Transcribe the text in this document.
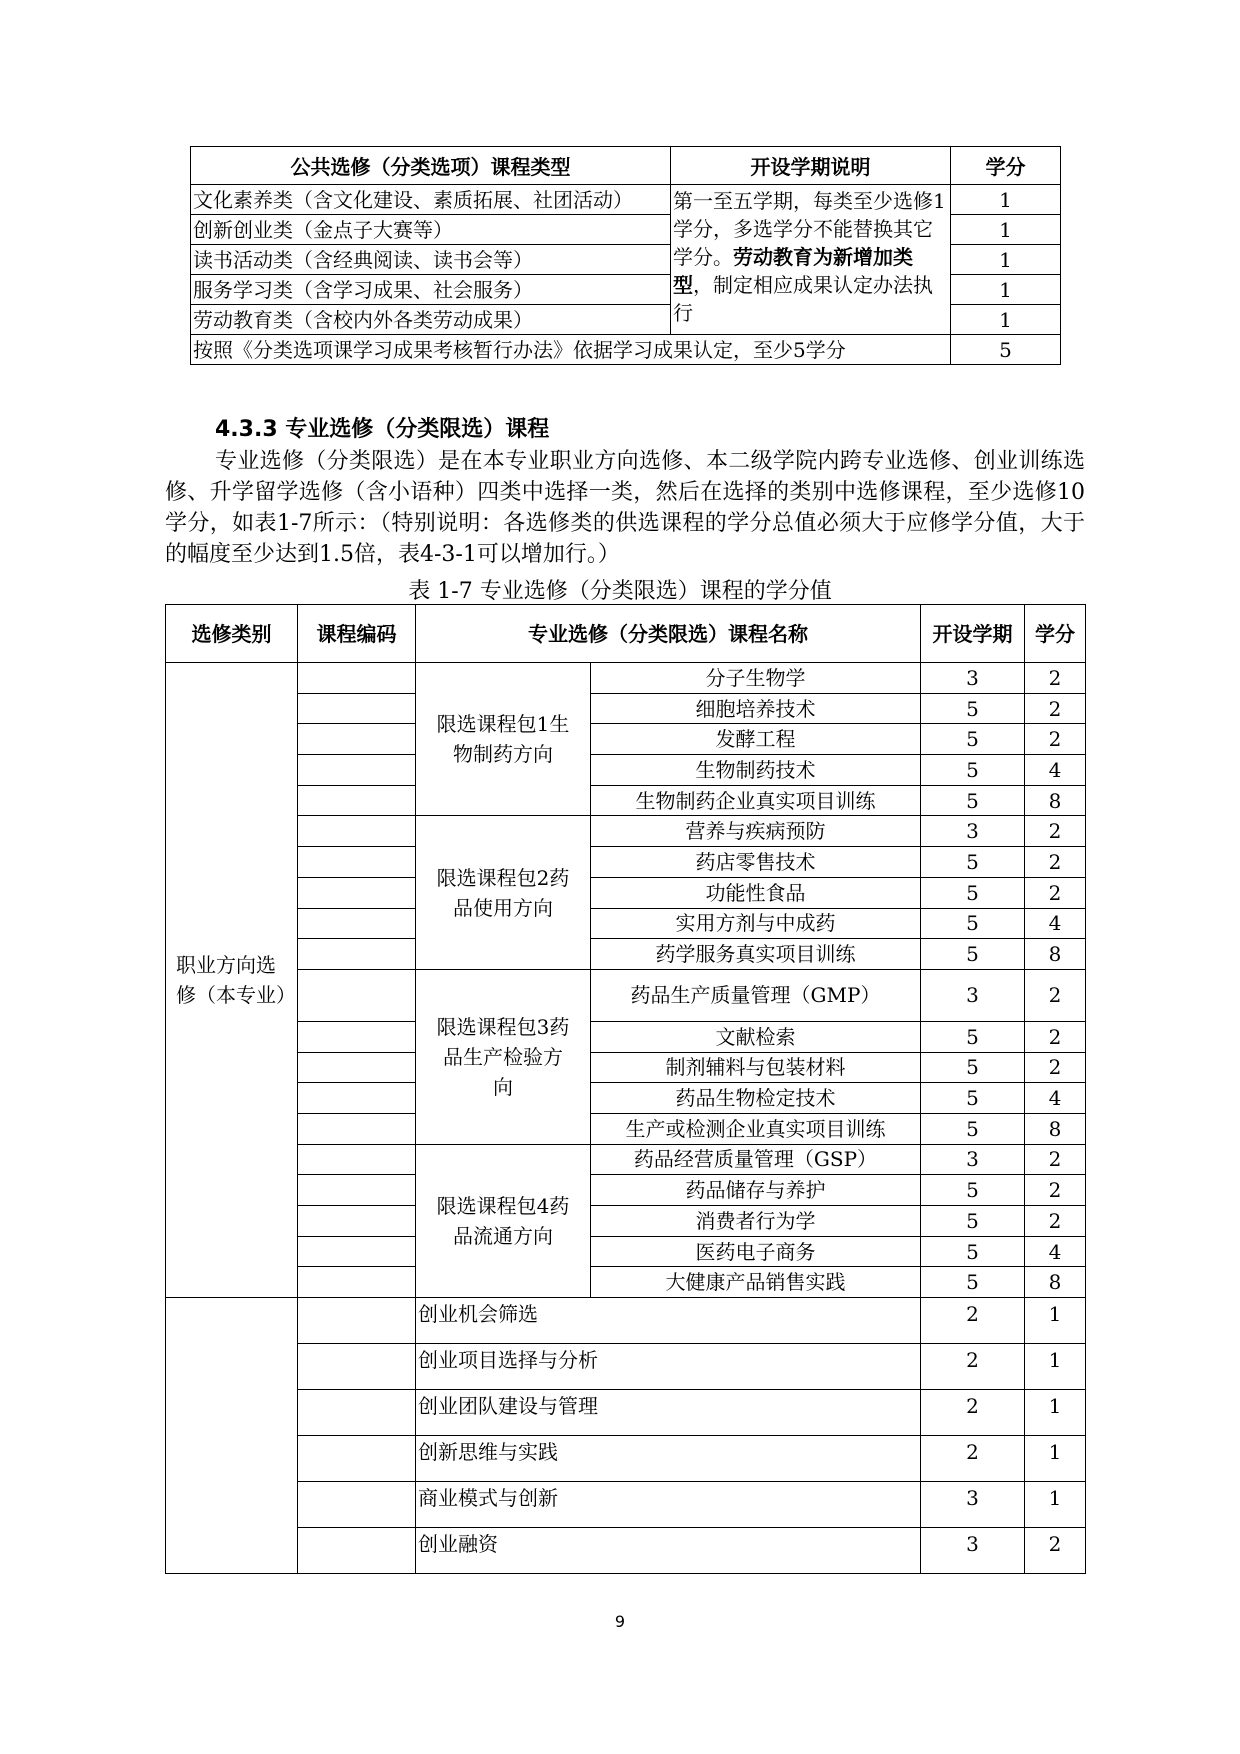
公共选修（分类选项）课程类型	开设学期说明	学分
文化素养类（含文化建设、素质拓展、社团活动）	第一至五学期，每类至少选修1学分，多选学分不能替换其它学分。劳动教育为新增加类型，制定相应成果认定办法执行	1
创新创业类（金点子大赛等）		1
读书活动类（含经典阅读、读书会等）		1
服务学习类（含学习成果、社会服务）		1
劳动教育类（含校内外各类劳动成果）		1
按照《分类选项课学习成果考核暂行办法》依据学习成果认定，至少5学分		5
4.3.3 专业选修（分类限选）课程

专业选修（分类限选）是在本专业职业方向选修、本二级学院内跨专业选修、创业训练选修、升学留学选修（含小语种）四类中选择一类，然后在选择的类别中选修课程，至少选修10学分，如表1-7所示：（特别说明：各选修类的供选课程的学分总值必须大于应修学分值，大于的幅度至少达到1.5倍，表4-3-1可以增加行。）

表 1-7 专业选修（分类限选）课程的学分值
选修类别	课程编码	专业选修（分类限选）课程名称		开设学期	学分
职业方向选修（本专业）		限选课程包1生物制药方向	分子生物学	3	2
			细胞培养技术	5	2
			发酵工程	5	2
			生物制药技术	5	4
			生物制药企业真实项目训练	5	8
		限选课程包2药品使用方向	营养与疾病预防	3	2
			药店零售技术	5	2
			功能性食品	5	2
			实用方剂与中成药	5	4
			药学服务真实项目训练	5	8
		限选课程包3药品生产检验方向	药品生产质量管理（GMP）	3	2
			文献检索	5	2
			制剂辅料与包装材料	5	2
			药品生物检定技术	5	4
			生产或检测企业真实项目训练	5	8
		限选课程包4药品流通方向	药品经营质量管理（GSP）	3	2
			药品储存与养护	5	2
			消费者行为学	5	2
			医药电子商务	5	4
			大健康产品销售实践	5	8
		创业机会筛选		2	1
		创业项目选择与分析		2	1
		创业团队建设与管理		2	1
		创新思维与实践		2	1
		商业模式与创新		3	1
		创业融资		3	2
9
